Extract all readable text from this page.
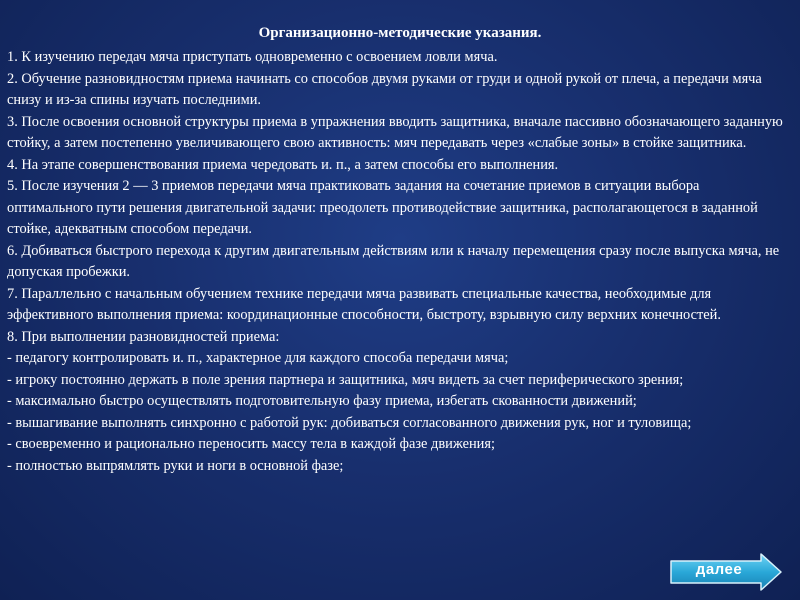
Организационно-методические указания.

1. К изучению передач мяча приступать одновременно с освоением ловли мяча.

2. Обучение разновидностям приема начинать со способов двумя руками от груди и одной рукой от плеча, а передачи мяча снизу и из-за спины изучать последними.

3. После освоения основной структуры приема в упражнения вводить защитника, вначале пассивно обозначающего заданную стойку, а затем постепенно увеличивающего свою активность: мяч передавать через «слабые зоны» в стойке защитника.

4. На этапе совершенствования приема чередовать и. п., а затем способы его выполнения.

5. После изучения 2 — 3 приемов передачи мяча практиковать задания на сочетание приемов в ситуации выбора оптимального пути решения двигательной задачи: преодолеть противодействие защитника, располагающегося в заданной стойке, адекватным способом передачи.

6. Добиваться быстрого перехода к другим двигательным действиям или к началу перемещения сразу после выпуска мяча, не допуская пробежки.

7. Параллельно с начальным обучением технике передачи мяча развивать специальные качества, необходимые для эффективного выполнения приема: координационные способности, быстроту, взрывную силу верхних конечностей.

8. При выполнении разновидностей приема:

- педагогу контролировать и. п., характерное для каждого способа передачи мяча;

- игроку постоянно держать в поле зрения партнера и защитника, мяч видеть за счет периферического зрения;

- максимально быстро осуществлять подготовительную фазу приема, избегать скованности движений;

- вышагивание выполнять синхронно с работой рук: добиваться согласованного движения рук, ног и туловища;

- своевременно и рационально переносить массу тела в каждой фазе движения;

- полностью выпрямлять руки и ноги в основной фазе;

далее
